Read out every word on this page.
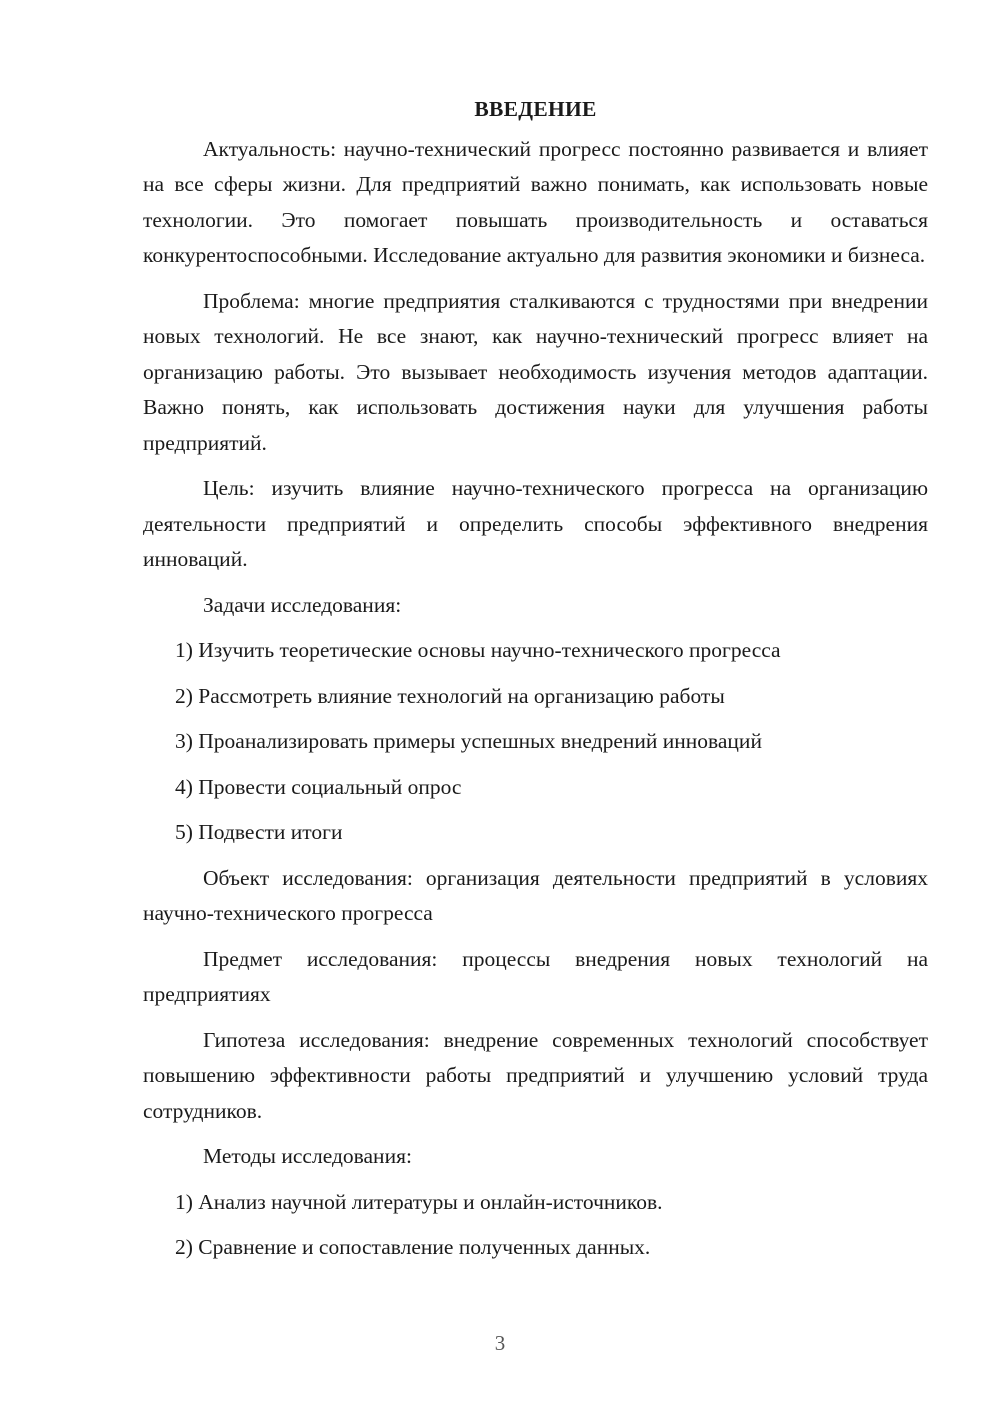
ВВЕДЕНИЕ

Актуальность: научно-технический прогресс постоянно развивается и влияет на все сферы жизни. Для предприятий важно понимать, как использовать новые технологии. Это помогает повышать производительность и оставаться конкурентоспособными. Исследование актуально для развития экономики и бизнеса.

Проблема: многие предприятия сталкиваются с трудностями при внедрении новых технологий. Не все знают, как научно-технический прогресс влияет на организацию работы. Это вызывает необходимость изучения методов адаптации. Важно понять, как использовать достижения науки для улучшения работы предприятий.

Цель: изучить влияние научно-технического прогресса на организацию деятельности предприятий и определить способы эффективного внедрения инноваций.

Задачи исследования:

1) Изучить теоретические основы научно-технического прогресса

2) Рассмотреть влияние технологий на организацию работы

3) Проанализировать примеры успешных внедрений инноваций

4) Провести социальный опрос

5) Подвести итоги

Объект исследования: организация деятельности предприятий в условиях научно-технического прогресса

Предмет исследования: процессы внедрения новых технологий на предприятиях

Гипотеза исследования: внедрение современных технологий способствует повышению эффективности работы предприятий и улучшению условий труда сотрудников.

Методы исследования:

1) Анализ научной литературы и онлайн-источников.

2) Сравнение и сопоставление полученных данных.

3
